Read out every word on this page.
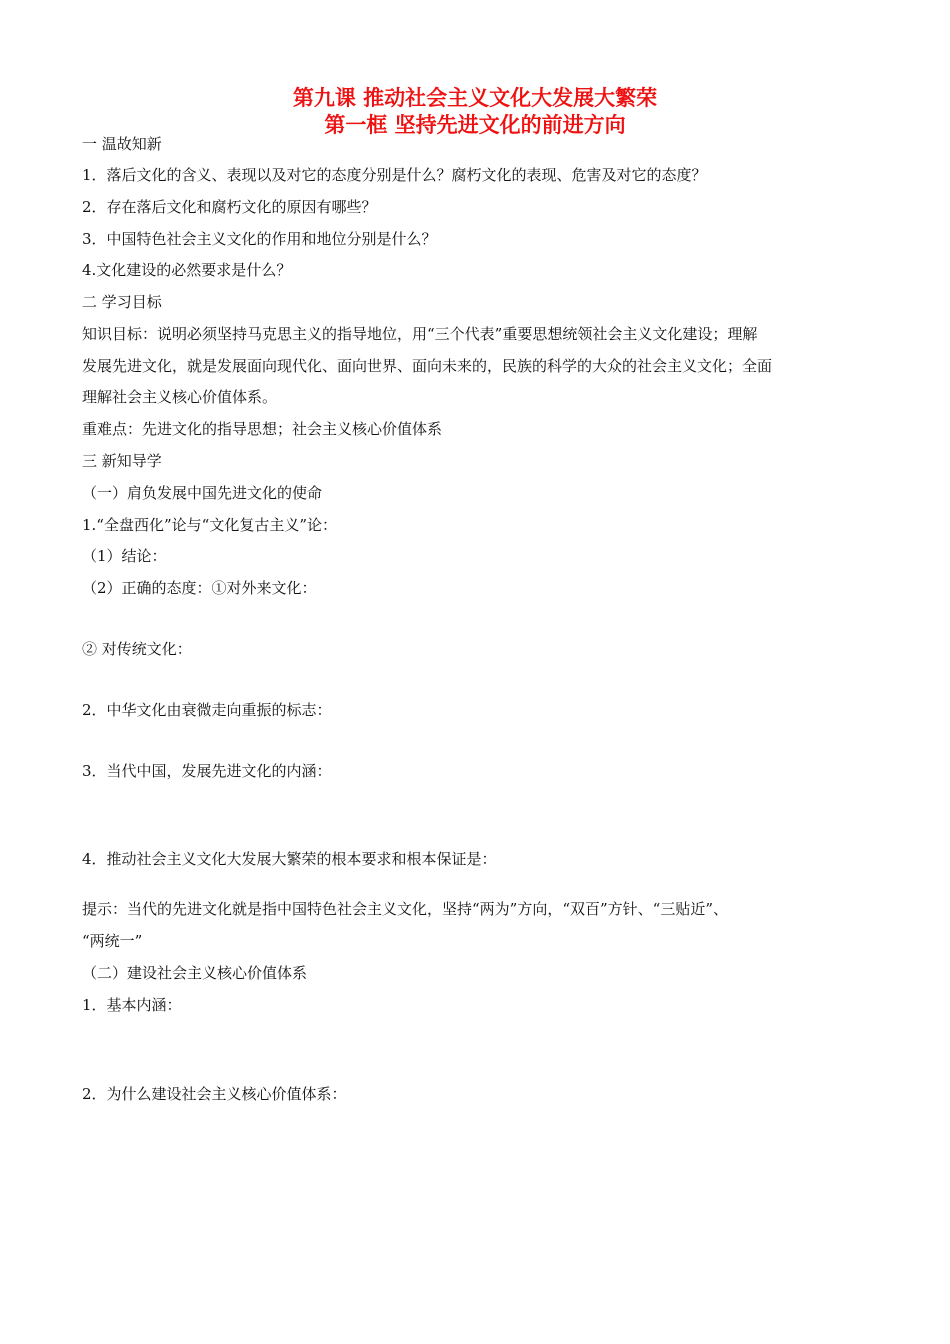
第九课 推动社会主义文化大发展大繁荣
第一框 坚持先进文化的前进方向
一 温故知新
1．落后文化的含义、表现以及对它的态度分别是什么？腐朽文化的表现、危害及对它的态度？
2．存在落后文化和腐朽文化的原因有哪些？
3．中国特色社会主义文化的作用和地位分别是什么？
4.文化建设的必然要求是什么？
二 学习目标
知识目标：说明必须坚持马克思主义的指导地位，用“三个代表”重要思想统领社会主义文化建设；理解
发展先进文化，就是发展面向现代化、面向世界、面向未来的，民族的科学的大众的社会主义文化；全面
理解社会主义核心价值体系。
重难点：先进文化的指导思想；社会主义核心价值体系
三 新知导学
（一）肩负发展中国先进文化的使命
1.“全盘西化”论与“文化复古主义”论：
（1）结论：
（2）正确的态度：①对外来文化：
② 对传统文化：
2．中华文化由衰微走向重振的标志：
3．当代中国，发展先进文化的内涵：
4．推动社会主义文化大发展大繁荣的根本要求和根本保证是：
提示：当代的先进文化就是指中国特色社会主义文化，坚持“两为”方向，“双百”方针、“三贴近”、
“两统一”
（二）建设社会主义核心价值体系
1．基本内涵：
2．为什么建设社会主义核心价值体系：
